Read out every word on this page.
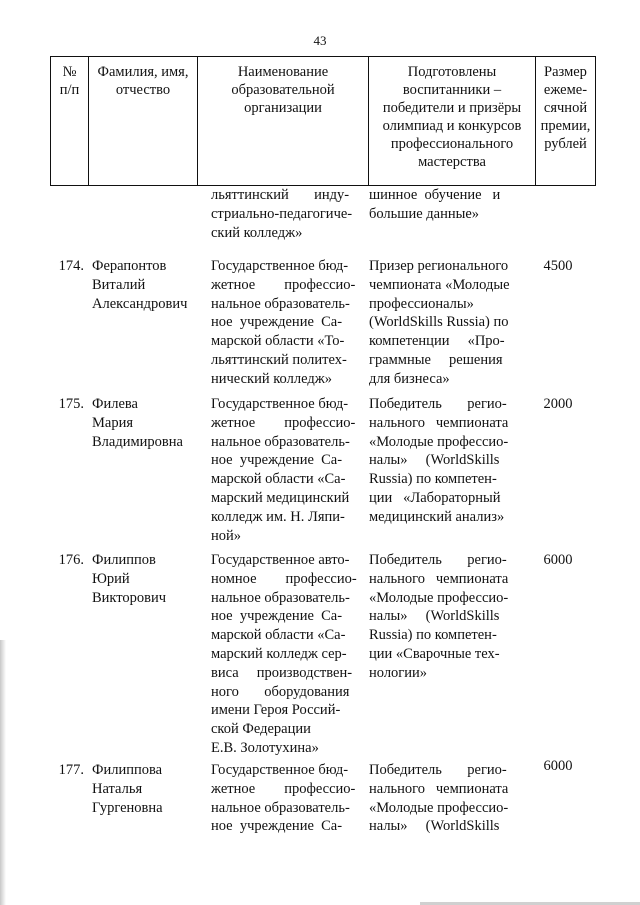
43
№
п/п
Фамилия, имя,
отчество
Наименование
образовательной
организации
Подготовлены
воспитанники –
победители и призёры
олимпиад и конкурсов
профессионального
мастерства
Размер
ежеме-
сячной
премии,
рублей
льяттинский       инду-
стриально-педагогиче-
ский колледж»
шинное  обучение   и
большие данные»
174. Ферапонтов
Виталий
Александрович
Государственное бюд-
жетное        профессио-
нальное образователь-
ное  учреждение  Са-
марской области «То-
льяттинский политех-
нический колледж»
Призер регионального
чемпионата «Молодые
профессионалы»
(WorldSkills Russia) по
компетенции     «Про-
граммные     решения
для бизнеса»
4500
175. Филева
Мария
Владимировна
Государственное бюд-
жетное        профессио-
нальное образователь-
ное  учреждение  Са-
марской области «Са-
марский медицинский
колледж им. Н. Ляпи-
ной»
Победитель       регио-
нального   чемпионата
«Молодые профессио-
налы»     (WorldSkills
Russia) по компетен-
ции   «Лабораторный
медицинский анализ»
2000
176. Филиппов
Юрий
Викторович
Государственное авто-
номное        профессио-
нальное образователь-
ное  учреждение  Са-
марской области «Са-
марский колледж сер-
виса     производствен-
ного       оборудования
имени Героя Россий-
ской Федерации
Е.В. Золотухина»
Победитель       регио-
нального   чемпионата
«Молодые профессио-
налы»     (WorldSkills
Russia) по компетен-
ции «Сварочные тех-
нологии»
6000
177. Филиппова
Наталья
Гургеновна
Государственное бюд-
жетное        профессио-
нальное образователь-
ное  учреждение  Са-
Победитель       регио-
нального   чемпионата
«Молодые профессио-
налы»     (WorldSkills
6000
